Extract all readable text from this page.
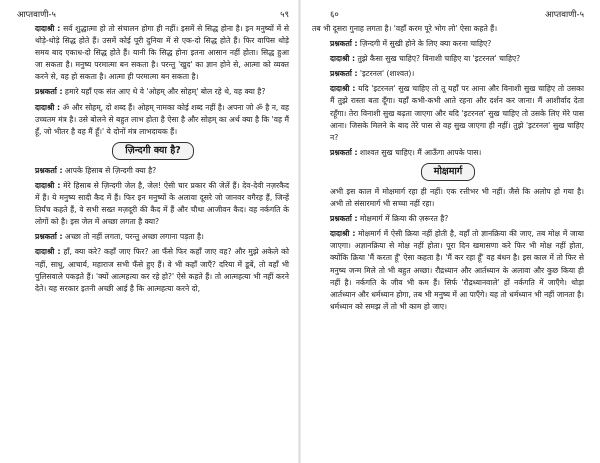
आप्तवाणी-५	५९

दादाश्री : सर्व शुद्धात्मा हो तो संचालन होगा ही नहीं। इसमें से सिद्ध होना है। इन मनुष्यों में से थोड़े-थोड़े सिद्ध होते हैं। उसमें कोई पूरी दुनिया में से एक-दो सिद्ध होते हैं। फिर वापिस थोड़े समय बाद एकाध-दो सिद्ध होते हैं। यानी कि सिद्ध होना इतना आसान नहीं होता। सिद्ध हुआ जा सकता है। मनुष्य परमात्मा बन सकता है। परन्तु 'खुद' का ज्ञान होने से, आत्मा को व्यक्त करने से, वह हो सकता है। आत्मा ही परमात्मा बन सकता है।

प्रश्नकर्ता : हमारे यहाँ एक संत आए थे वे 'ओहम् और सोहम्' बोल रहे थे, वह क्या है?

दादाश्री : ॐ और सोहम्, दो शब्द हैं। ओहम् नामका कोई शब्द नहीं है। अपना जो ॐ है न, वह उच्चतम मंत्र है। उसे बोलने से बहुत लाभ होता है ऐसा है और सोहम् का अर्थ क्या है कि 'वह मैं हूँ, जो भीतर है वह मैं हूँ।' ये दोनों मंत्र लाभदायक हैं।

ज़िन्दगी क्या है?

प्रश्नकर्ता : आपके हिसाब से ज़िन्दगी क्या है?

दादाश्री : मेरे हिसाब से ज़िन्दगी जेल है, जेल! ऐसी चार प्रकार की जेलें हैं। देव-देवी नज़रकैद में हैं। ये मनुष्य सादी कैद में हैं। फिर इन मनुष्यों के अलावा दूसरे जो जानवर वगैरह हैं, जिन्हें तिर्यंच कहते हैं, वे सभी सख्त मज़दूरी की कैद में हैं और चौथा आजीवन कैद। वह नर्कगति के लोगों को है। इस जेल में अच्छा लगता है क्या?

प्रश्नकर्ता : अच्छा तो नहीं लगता, परन्तु अच्छा लगाना पड़ता है।

दादाश्री : हाँ, क्या करे? कहाँ जाए फिर? आ फँसे फिर कहाँ जाए वह? और मुझे अकेले को नहीं, साधु, आचार्य, महाराज सभी फँसे हुए हैं। वे भी कहाँ जाएँ? दरिया में डूबें, तो वहाँ भी पुलिसवाले पकड़ते हैं। 'क्यों आत्महत्या कर रहे हो?' ऐसे कहते हैं। तो आत्महत्या भी नहीं करने देते। यह सरकार इतनी अच्छी आई है कि आत्महत्या करने दो,

६०	आप्तवाणी-५

तब भी दूसरा गुनाह लगता है। 'वहाँ करम पूरे भोग लो' ऐसा कहते हैं।

प्रश्नकर्ता : ज़िन्दगी में सुखी होने के लिए क्या करना चाहिए?

दादाश्री : तुझे कैसा सुख चाहिए? विनाशी चाहिए या 'इटरनल' चाहिए?

प्रश्नकर्ता : 'इटरनल' (शाश्वत)।

दादाश्री : यदि 'इटरनल' सुख चाहिए तो तू यहाँ पर आना और विनाशी सुख चाहिए तो उसका मैं तुझे रास्ता बता दूँगा। यहाँ कभी-कभी आते रहना और दर्शन कर जाना। मैं आशीर्वाद देता रहूँगा। तेरा विनाशी सुख बढ़ता जाएगा और यदि 'इटरनल' सुख चाहिए तो उसके लिए मेरे पास आना। जिसके मिलने के बाद तेरे पास से वह सुख जाएगा ही नहीं। तुझे 'इटरनल' सुख चाहिए न?

प्रश्नकर्ता : शाश्वत सुख चाहिए। मैं आऊँगा आपके पास।

मोक्षमार्ग

अभी इस काल में मोक्षमार्ग रहा ही नहीं। एक रत्तीभर भी नहीं। जैसे कि अलोप हो गया है। अभी तो संसारमार्ग भी सच्चा नहीं रहा।

प्रश्नकर्ता : मोक्षमार्ग में क्रिया की ज़रूरत है?

दादाश्री : मोक्षमार्ग में ऐसी क्रिया नहीं होती है, वहाँ तो ज्ञानक्रिया की जाए, तब मोक्ष में जाया जाएगा। अज्ञानक्रिया से मोक्ष नहीं होता। पूरा दिन खमासणा करे फिर भी मोक्ष नहीं होता, क्योंकि क्रिया 'मैं करता हूँ' ऐसा कहता है। 'मैं कर रहा हूँ' वह बंधन है। इस काल में तो फिर से मनुष्य जन्म मिले तो भी बहुत अच्छा। रौद्रध्यान और आर्तध्यान के अलावा और कुछ किया ही नहीं है। नर्कगति के जीव भी कम हैं। सिर्फ 'रौद्रध्यानवाले' हों नर्कगति में जाएँगे। थोड़ा आर्तध्यान और धर्मध्यान होगा, तब भी मनुष्य में आ पाएँगे। यह तो धर्मध्यान भी नहीं जानता है। धर्मध्यान को समझ लें तो भी काम हो जाए।
